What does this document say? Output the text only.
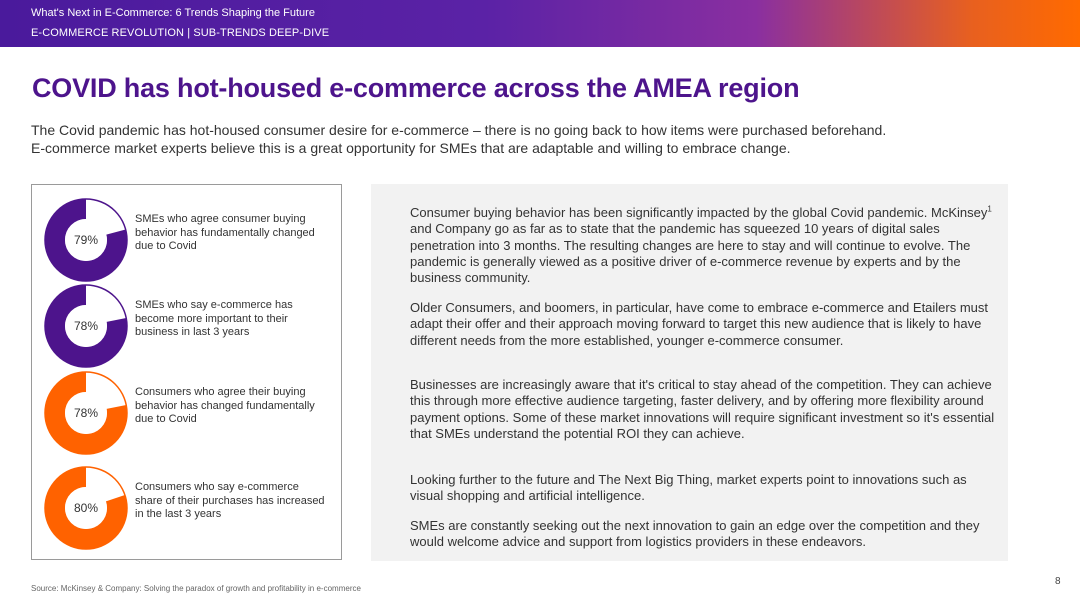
What's Next in E-Commerce: 6 Trends Shaping the Future
E-COMMERCE REVOLUTION | SUB-TRENDS DEEP-DIVE
COVID has hot-housed e-commerce across the AMEA region
The Covid pandemic has hot-housed consumer desire for e-commerce – there is no going back to how items were purchased beforehand.
E-commerce market experts believe this is a great opportunity for SMEs that are adaptable and willing to embrace change.
79%
SMEs who agree consumer buying behavior has fundamentally changed due to Covid
78%
SMEs who say e-commerce has become more important to their business in last 3 years
78%
Consumers who agree their buying behavior has changed fundamentally due to Covid
80%
Consumers who say e-commerce share of their purchases has increased in the last 3 years

Consumer buying behavior has been significantly impacted by the global Covid pandemic. McKinsey$^1$ and Company go as far as to state that the pandemic has squeezed 10 years of digital sales penetration into 3 months. The resulting changes are here to stay and will continue to evolve. The pandemic is generally viewed as a positive driver of e-commerce revenue by experts and by the business community.

Older Consumers, and boomers, in particular, have come to embrace e-commerce and Etailers must adapt their offer and their approach moving forward to target this new audience that is likely to have different needs from the more established, younger e-commerce consumer.

Businesses are increasingly aware that it's critical to stay ahead of the competition. They can achieve this through more effective audience targeting, faster delivery, and by offering more flexibility around payment options. Some of these market innovations will require significant investment so it's essential that SMEs understand the potential ROI they can achieve.

Looking further to the future and The Next Big Thing, market experts point to innovations such as visual shopping and artificial intelligence.

SMEs are constantly seeking out the next innovation to gain an edge over the competition and they would welcome advice and support from logistics providers in these endeavors.

Source: McKinsey & Company: Solving the paradox of growth and profitability in e-commerce
8
